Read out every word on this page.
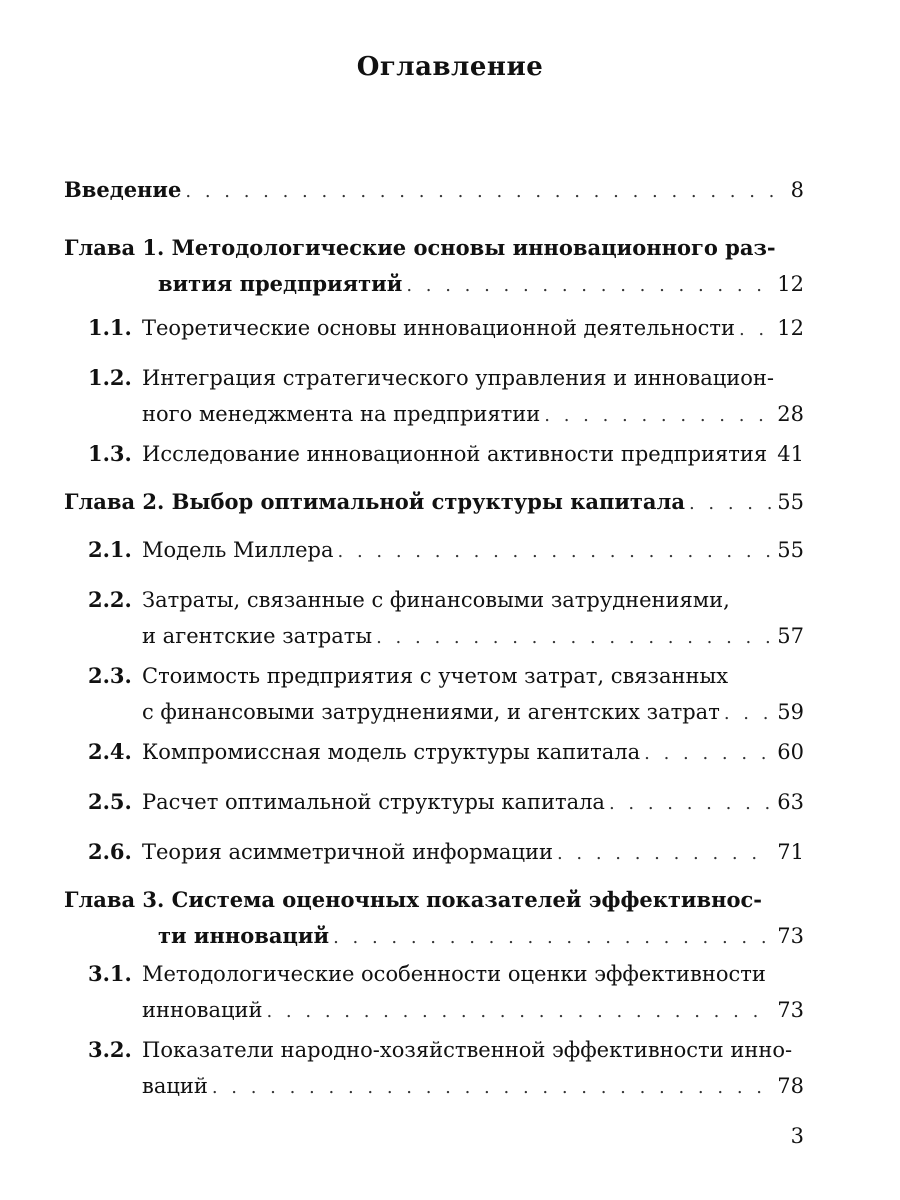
Оглавление
Введение . . .	8
Глава 1. Методологические основы инновационного раз-
вития предприятий . . .	12
1.1. Теоретические основы инновационной деятельности . . . 12
1.2. Интеграция стратегического управления и инновацион-
ного менеджмента на предприятии . . .	28
1.3. Исследование инновационной активности предприятия . . . 41
Глава 2. Выбор оптимальной структуры капитала . . .	55
2.1. Модель Миллера . . .	55
2.2. Затраты, связанные с финансовыми затруднениями,
и агентские затраты . . .	57
2.3. Стоимость предприятия с учетом затрат, связанных
с финансовыми затруднениями, и агентских затрат . . .	59
2.4. Компромиссная модель структуры капитала . . .	60
2.5. Расчет оптимальной структуры капитала . . .	63
2.6. Теория асимметричной информации . . .	71
Глава 3. Система оценочных показателей эффективнос-
ти инноваций . . .	73
3.1. Методологические особенности оценки эффективности
инноваций . . .	73
3.2. Показатели народно-хозяйственной эффективности инно-
ваций . . .	78
3
